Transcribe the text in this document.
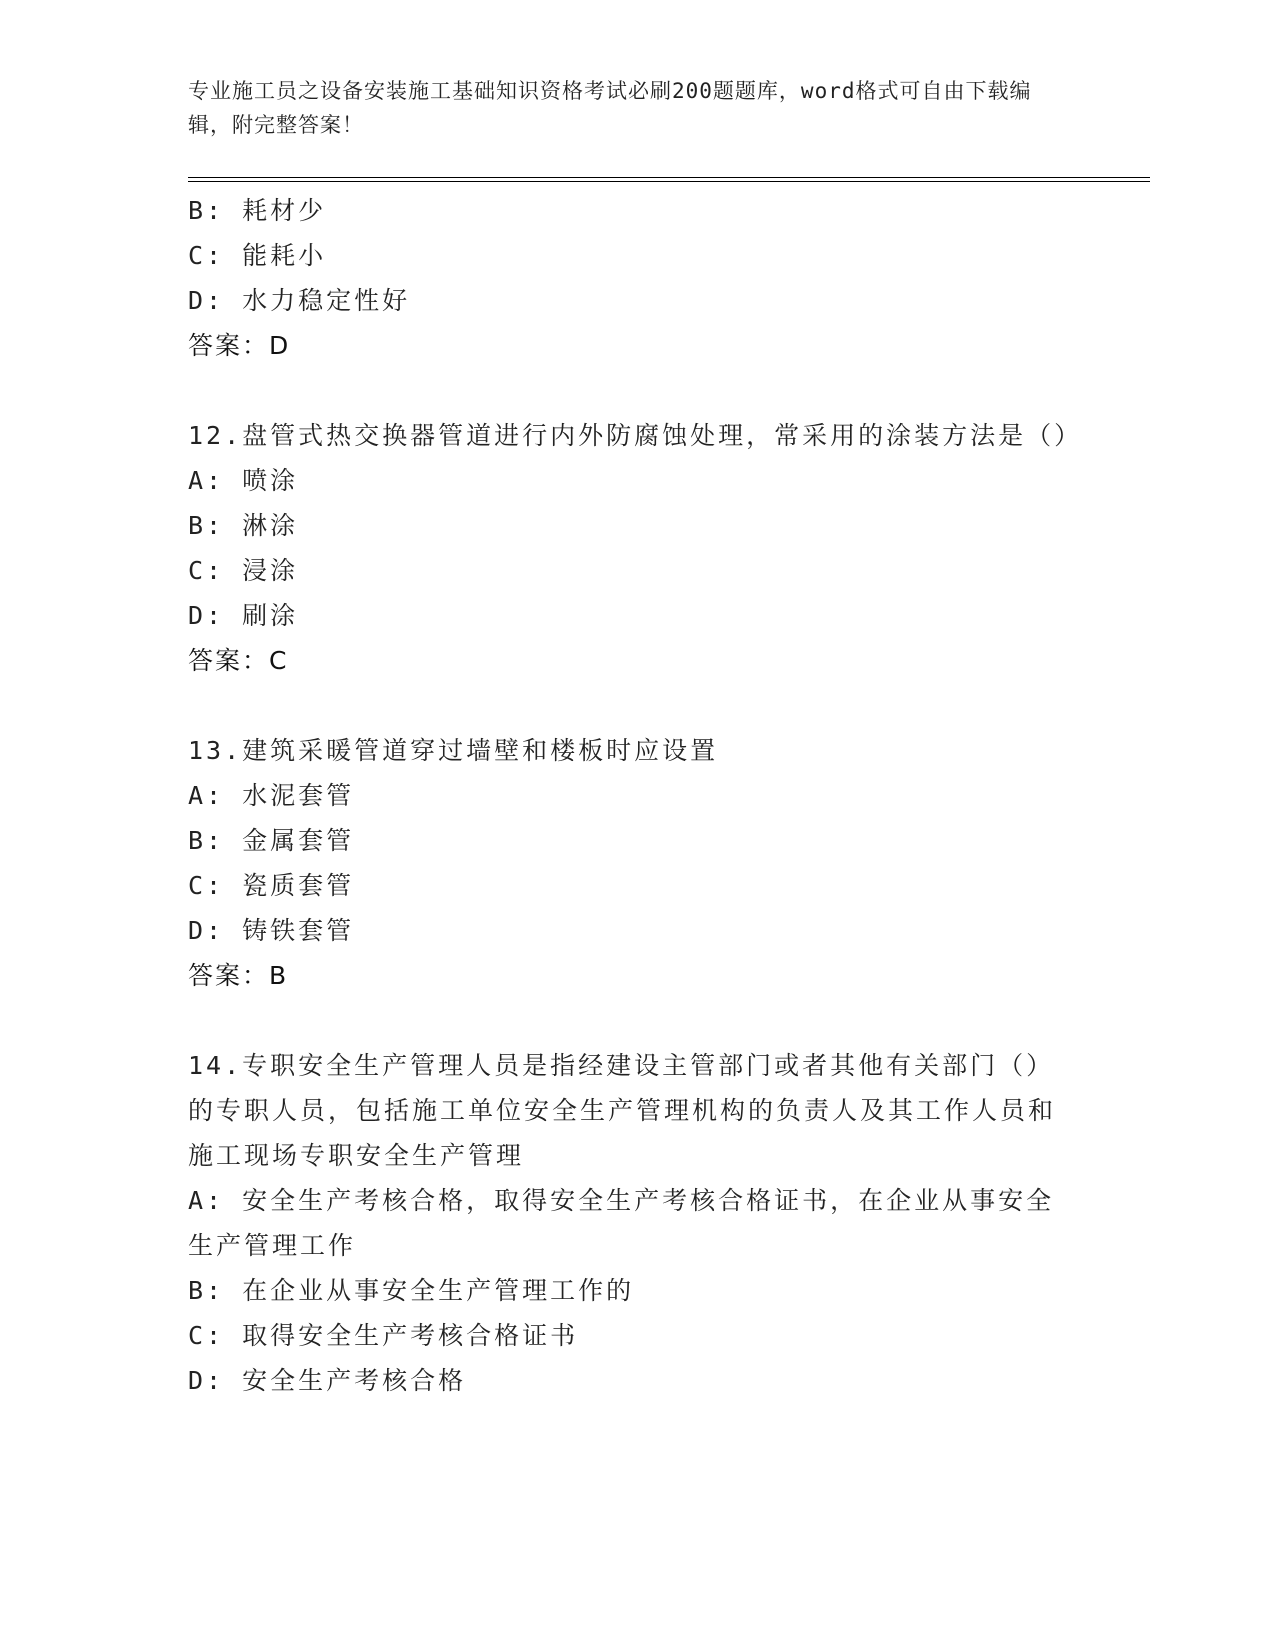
专业施工员之设备安装施工基础知识资格考试必刷200题题库，word格式可自由下载编辑，附完整答案！
B: 耗材少
C: 能耗小
D: 水力稳定性好
答案：D
12.盘管式热交换器管道进行内外防腐蚀处理，常采用的涂装方法是（）
A: 喷涂
B: 淋涂
C: 浸涂
D: 刷涂
答案：C
13.建筑采暖管道穿过墙壁和楼板时应设置
A: 水泥套管
B: 金属套管
C: 瓷质套管
D: 铸铁套管
答案：B
14.专职安全生产管理人员是指经建设主管部门或者其他有关部门（）的专职人员，包括施工单位安全生产管理机构的负责人及其工作人员和施工现场专职安全生产管理
A: 安全生产考核合格，取得安全生产考核合格证书，在企业从事安全生产管理工作
B: 在企业从事安全生产管理工作的
C: 取得安全生产考核合格证书
D: 安全生产考核合格
